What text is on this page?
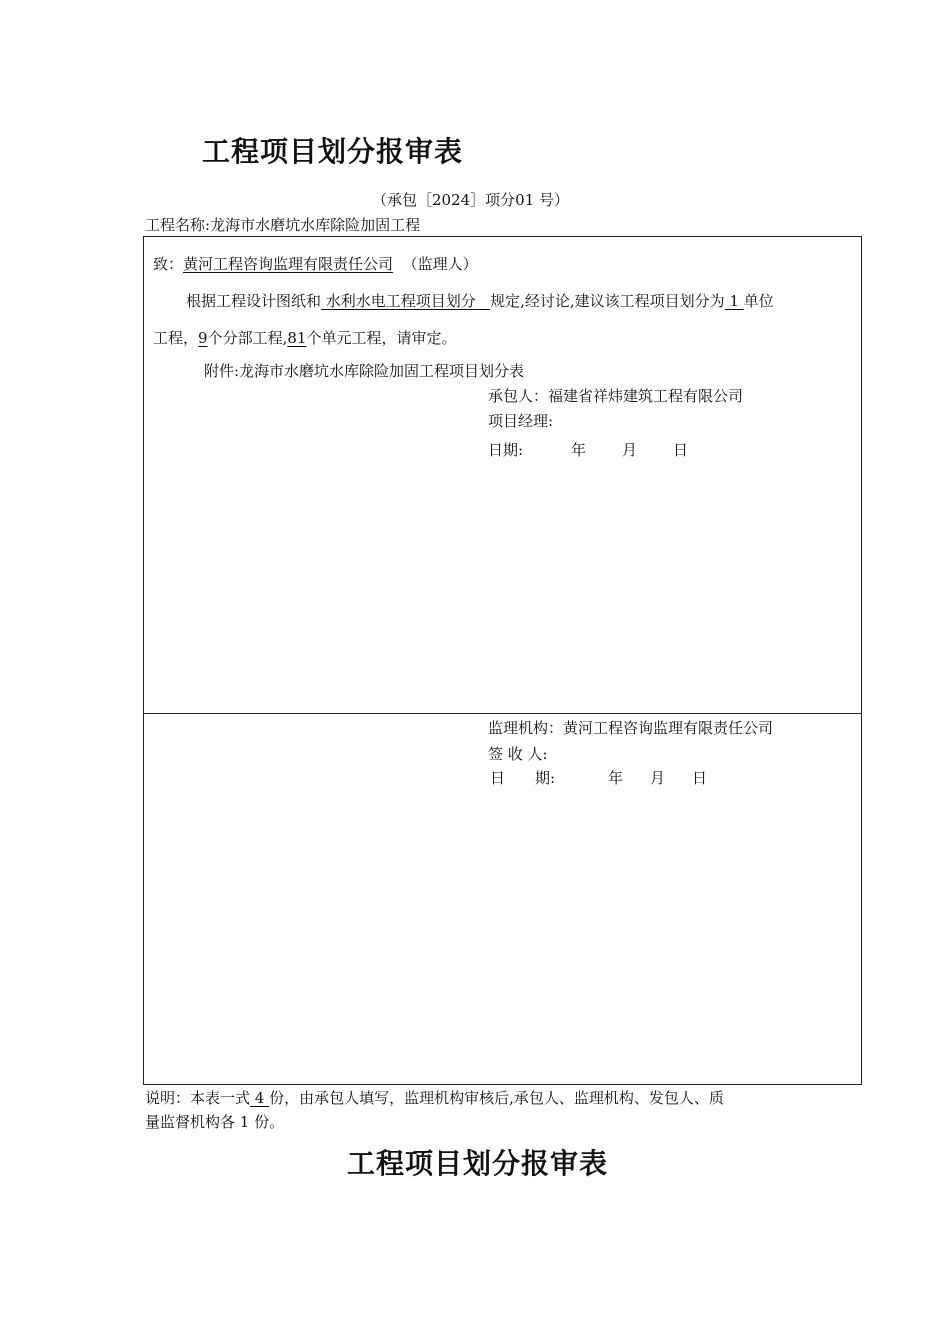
工程项目划分报审表
（承包［2024］项分01 号）
工程名称:龙海市水磨坑水库除险加固工程
致：黄河工程咨询监理有限责任公司 （监理人）
根据工程设计图纸和 水利水电工程项目划分 规定,经讨论,建议该工程项目划分为 1 单位
工程，9个分部工程,81个单元工程，请审定。
附件:龙海市水磨坑水库除险加固工程项目划分表
承包人：福建省祥炜建筑工程有限公司
项目经理:
日期:	年 月 日
监理机构：黄河工程咨询监理有限责任公司
签 收 人:
日　　期:	年 月 日
说明：本表一式 4 份，由承包人填写，监理机构审核后,承包人、监理机构、发包人、质
量监督机构各 1 份。
工程项目划分报审表
